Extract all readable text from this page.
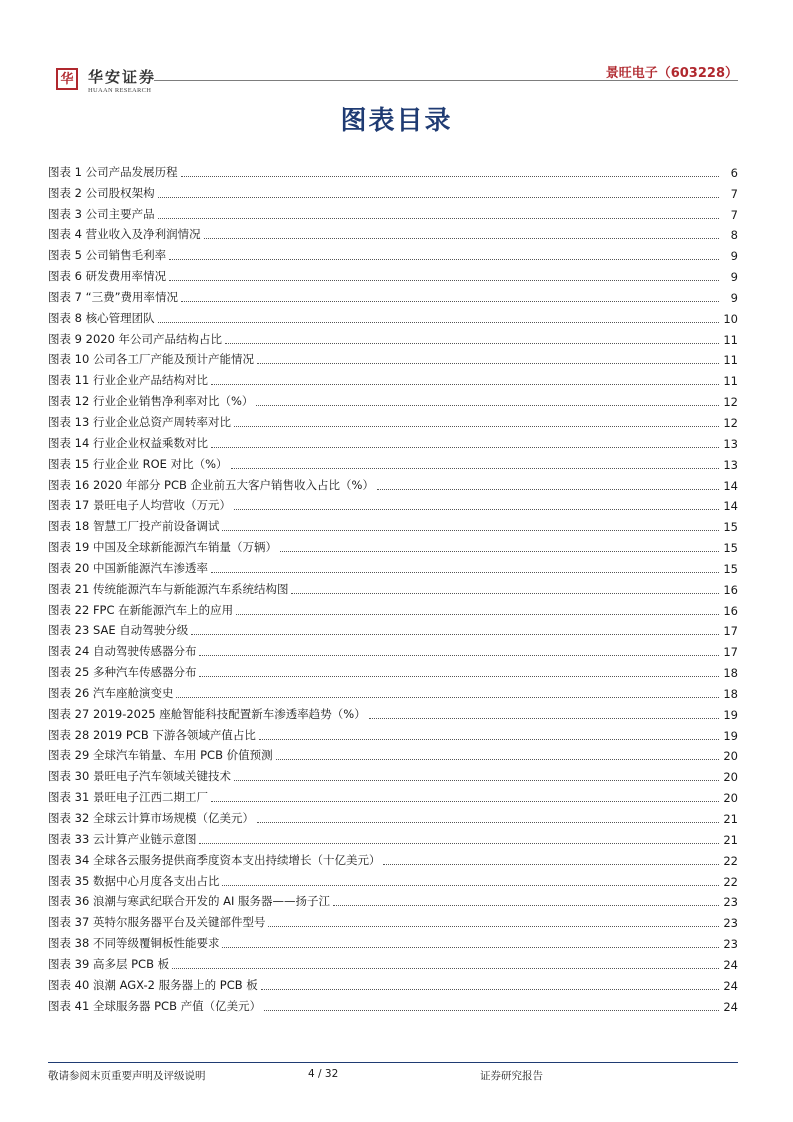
华 华安证券
HUAAN RESEARCH
景旺电子（603228）
图表目录
图表 1 公司产品发展历程	6
图表 2 公司股权架构	7
图表 3 公司主要产品	7
图表 4 营业收入及净利润情况	8
图表 5 公司销售毛利率	9
图表 6 研发费用率情况	9
图表 7 “三费”费用率情况	9
图表 8 核心管理团队	10
图表 9 2020 年公司产品结构占比	11
图表 10 公司各工厂产能及预计产能情况	11
图表 11 行业企业产品结构对比	11
图表 12 行业企业销售净利率对比（%）	12
图表 13 行业企业总资产周转率对比	12
图表 14 行业企业权益乘数对比	13
图表 15 行业企业 ROE 对比（%）	13
图表 16 2020 年部分 PCB 企业前五大客户销售收入占比（%）	14
图表 17 景旺电子人均营收（万元）	14
图表 18 智慧工厂投产前设备调试	15
图表 19 中国及全球新能源汽车销量（万辆）	15
图表 20 中国新能源汽车渗透率	15
图表 21 传统能源汽车与新能源汽车系统结构图	16
图表 22 FPC 在新能源汽车上的应用	16
图表 23 SAE 自动驾驶分级	17
图表 24 自动驾驶传感器分布	17
图表 25 多种汽车传感器分布	18
图表 26 汽车座舱演变史	18
图表 27 2019-2025 座舱智能科技配置新车渗透率趋势（%）	19
图表 28 2019 PCB 下游各领域产值占比	19
图表 29 全球汽车销量、车用 PCB 价值预测	20
图表 30 景旺电子汽车领域关键技术	20
图表 31 景旺电子江西二期工厂	20
图表 32 全球云计算市场规模（亿美元）	21
图表 33 云计算产业链示意图	21
图表 34 全球各云服务提供商季度资本支出持续增长（十亿美元）	22
图表 35 数据中心月度各支出占比	22
图表 36 浪潮与寒武纪联合开发的 AI 服务器——扬子江	23
图表 37 英特尔服务器平台及关键部件型号	23
图表 38 不同等级覆铜板性能要求	23
图表 39 高多层 PCB 板	24
图表 40 浪潮 AGX-2 服务器上的 PCB 板	24
图表 41 全球服务器 PCB 产值（亿美元）	24
敬请参阅末页重要声明及评级说明	4 / 32	证券研究报告
